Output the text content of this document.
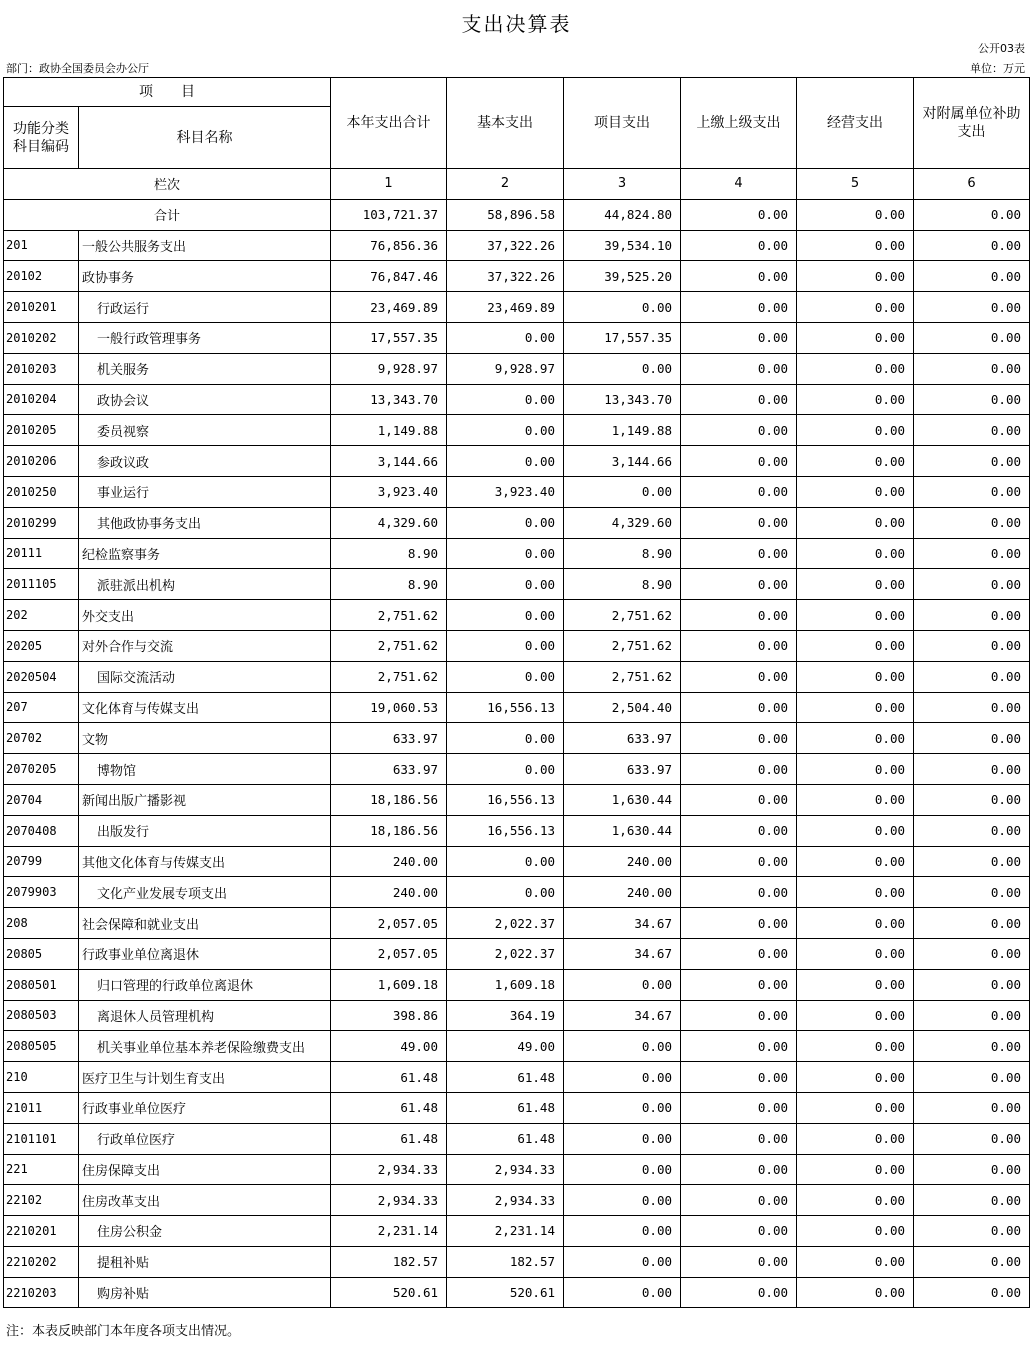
支出决算表
公开03表
部门：政协全国委员会办公厅	单位：万元
项　　目		本年支出合计	基本支出	项目支出	上缴上级支出	经营支出	对附属单位补助支出
功能分类科目编码	科目名称						
栏次		1	2	3	4	5	6
合计		103,721.37	58,896.58	44,824.80	0.00	0.00	0.00
201	一般公共服务支出	76,856.36	37,322.26	39,534.10	0.00	0.00	0.00
20102	政协事务	76,847.46	37,322.26	39,525.20	0.00	0.00	0.00
2010201	行政运行	23,469.89	23,469.89	0.00	0.00	0.00	0.00
2010202	一般行政管理事务	17,557.35	0.00	17,557.35	0.00	0.00	0.00
2010203	机关服务	9,928.97	9,928.97	0.00	0.00	0.00	0.00
2010204	政协会议	13,343.70	0.00	13,343.70	0.00	0.00	0.00
2010205	委员视察	1,149.88	0.00	1,149.88	0.00	0.00	0.00
2010206	参政议政	3,144.66	0.00	3,144.66	0.00	0.00	0.00
2010250	事业运行	3,923.40	3,923.40	0.00	0.00	0.00	0.00
2010299	其他政协事务支出	4,329.60	0.00	4,329.60	0.00	0.00	0.00
20111	纪检监察事务	8.90	0.00	8.90	0.00	0.00	0.00
2011105	派驻派出机构	8.90	0.00	8.90	0.00	0.00	0.00
202	外交支出	2,751.62	0.00	2,751.62	0.00	0.00	0.00
20205	对外合作与交流	2,751.62	0.00	2,751.62	0.00	0.00	0.00
2020504	国际交流活动	2,751.62	0.00	2,751.62	0.00	0.00	0.00
207	文化体育与传媒支出	19,060.53	16,556.13	2,504.40	0.00	0.00	0.00
20702	文物	633.97	0.00	633.97	0.00	0.00	0.00
2070205	博物馆	633.97	0.00	633.97	0.00	0.00	0.00
20704	新闻出版广播影视	18,186.56	16,556.13	1,630.44	0.00	0.00	0.00
2070408	出版发行	18,186.56	16,556.13	1,630.44	0.00	0.00	0.00
20799	其他文化体育与传媒支出	240.00	0.00	240.00	0.00	0.00	0.00
2079903	文化产业发展专项支出	240.00	0.00	240.00	0.00	0.00	0.00
208	社会保障和就业支出	2,057.05	2,022.37	34.67	0.00	0.00	0.00
20805	行政事业单位离退休	2,057.05	2,022.37	34.67	0.00	0.00	0.00
2080501	归口管理的行政单位离退休	1,609.18	1,609.18	0.00	0.00	0.00	0.00
2080503	离退休人员管理机构	398.86	364.19	34.67	0.00	0.00	0.00
2080505	机关事业单位基本养老保险缴费支出	49.00	49.00	0.00	0.00	0.00	0.00
210	医疗卫生与计划生育支出	61.48	61.48	0.00	0.00	0.00	0.00
21011	行政事业单位医疗	61.48	61.48	0.00	0.00	0.00	0.00
2101101	行政单位医疗	61.48	61.48	0.00	0.00	0.00	0.00
221	住房保障支出	2,934.33	2,934.33	0.00	0.00	0.00	0.00
22102	住房改革支出	2,934.33	2,934.33	0.00	0.00	0.00	0.00
2210201	住房公积金	2,231.14	2,231.14	0.00	0.00	0.00	0.00
2210202	提租补贴	182.57	182.57	0.00	0.00	0.00	0.00
2210203	购房补贴	520.61	520.61	0.00	0.00	0.00	0.00
注：本表反映部门本年度各项支出情况。
